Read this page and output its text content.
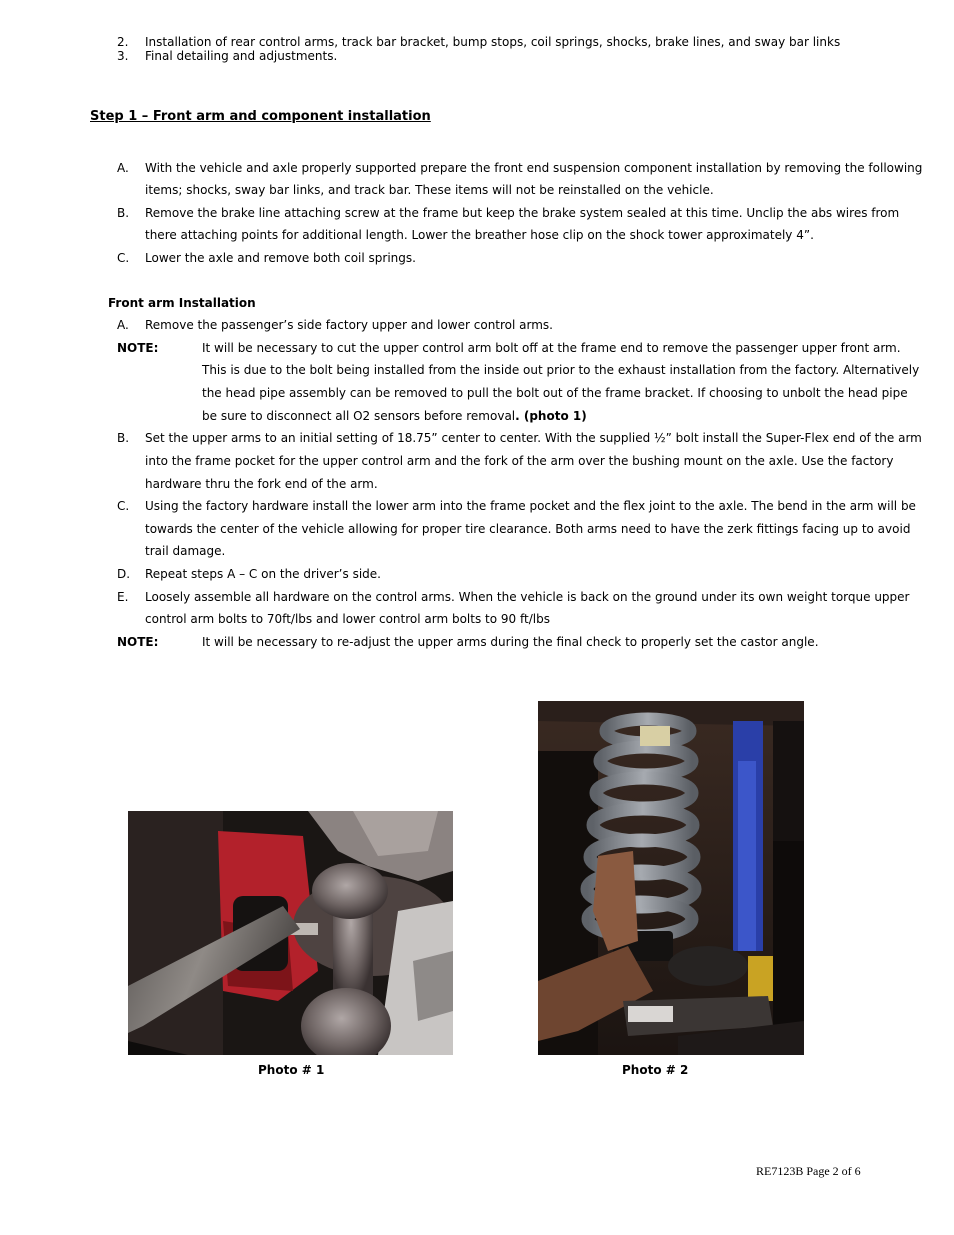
2. Installation of rear control arms, track bar bracket, bump stops, coil springs, shocks, brake lines, and sway bar links
3. Final detailing and adjustments.
Step 1 – Front arm and component installation
A. With the vehicle and axle properly supported prepare the front end suspension component installation by removing the following
items; shocks, sway bar links, and track bar. These items will not be reinstalled on the vehicle.
B. Remove the brake line attaching screw at the frame but keep the brake system sealed at this time. Unclip the abs wires from
there attaching points for additional length. Lower the breather hose clip on the shock tower approximately 4”.
C. Lower the axle and remove both coil springs.
Front arm Installation
A. Remove the passenger’s side factory upper and lower control arms.
NOTE:	It will be necessary to cut the upper control arm bolt off at the frame end to remove the passenger upper front arm.
This is due to the bolt being installed from the inside out prior to the exhaust installation from the factory. Alternatively
the head pipe assembly can be removed to pull the bolt out of the frame bracket. If choosing to unbolt the head pipe
be sure to disconnect all O2 sensors before removal. (photo 1)
B. Set the upper arms to an initial setting of 18.75” center to center. With the supplied ½” bolt install the Super-Flex end of the arm
into the frame pocket for the upper control arm and the fork of the arm over the bushing mount on the axle. Use the factory
hardware thru the fork end of the arm.
C. Using the factory hardware install the lower arm into the frame pocket and the flex joint to the axle. The bend in the arm will be
towards the center of the vehicle allowing for proper tire clearance. Both arms need to have the zerk fittings facing up to avoid
trail damage.
D. Repeat steps A – C on the driver’s side.
E. Loosely assemble all hardware on the control arms. When the vehicle is back on the ground under its own weight torque upper
control arm bolts to 70ft/lbs and lower control arm bolts to 90 ft/lbs
NOTE:	It will be necessary to re-adjust the upper arms during the final check to properly set the castor angle.
Photo # 1	Photo # 2
RE7123B Page 2 of 6
